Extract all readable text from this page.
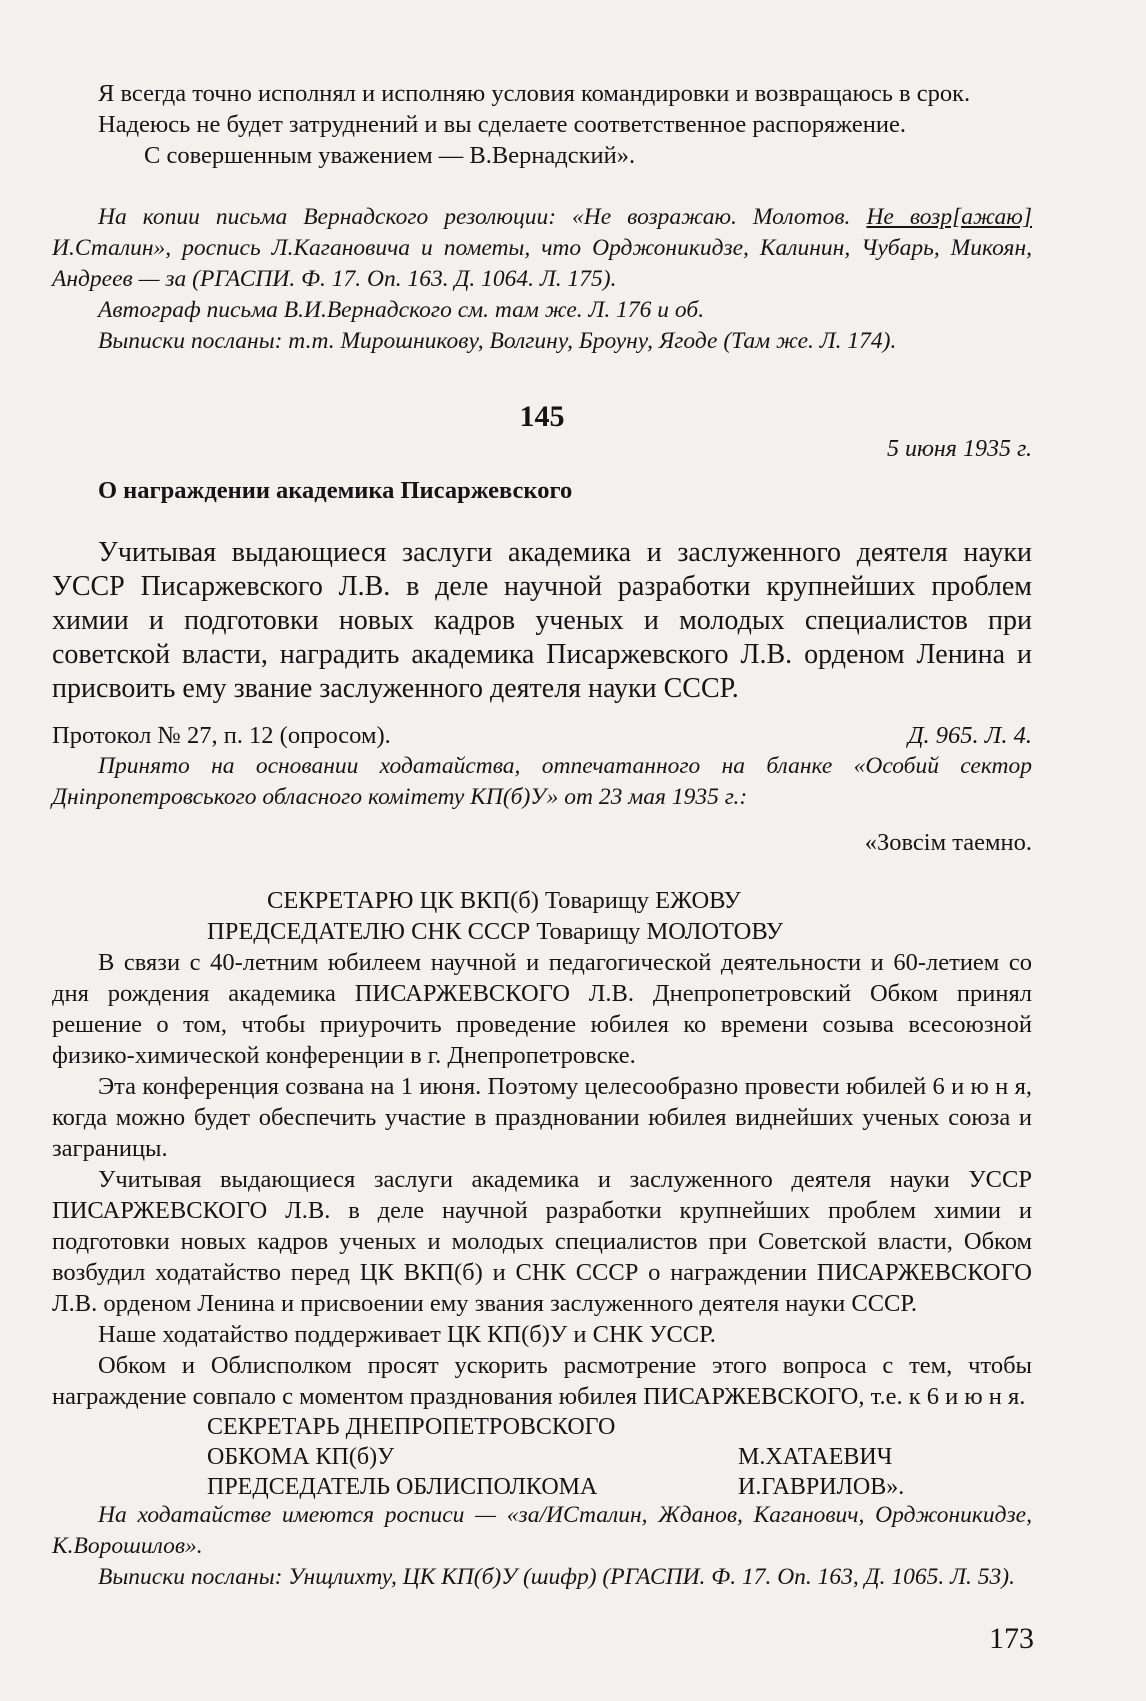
Я всегда точно исполнял и исполняю условия командировки и возвращаюсь в срок.

Надеюсь не будет затруднений и вы сделаете соответственное распоряжение.

С совершенным уважением — В.Вернадский».

На копии письма Вернадского резолюции: «Не возражаю. Молотов. Не возр[ажаю] И.Сталин», роспись Л.Кагановича и пометы, что Орджоникидзе, Калинин, Чубарь, Микоян, Андреев — за (РГАСПИ. Ф. 17. Оп. 163. Д. 1064. Л. 175).

Автограф письма В.И.Вернадского см. там же. Л. 176 и об.

Выписки посланы: т.т. Мирошникову, Волгину, Броуну, Ягоде (Там же. Л. 174).

145

5 июня 1935 г.

О награждении академика Писаржевского

Учитывая выдающиеся заслуги академика и заслуженного деятеля науки УССР Писаржевского Л.В. в деле научной разработки крупнейших проблем химии и подготовки новых кадров ученых и молодых специалистов при советской власти, наградить академика Писаржевского Л.В. орденом Ленина и присвоить ему звание заслуженного деятеля науки СССР.

Протокол № 27, п. 12 (опросом).	Д. 965. Л. 4.

Принято на основании ходатайства, отпечатанного на бланке «Особий сектор Дніпропетровського обласного комітету КП(б)У» от 23 мая 1935 г.:

«Зовсім таемно.

СЕКРЕТАРЮ ЦК ВКП(б) Товарищу ЕЖОВУ

ПРЕДСЕДАТЕЛЮ СНК СССР Товарищу МОЛОТОВУ

В связи с 40-летним юбилеем научной и педагогической деятельности и 60-летием со дня рождения академика ПИСАРЖЕВСКОГО Л.В. Днепропетровский Обком принял решение о том, чтобы приурочить проведение юбилея ко времени созыва всесоюзной физико-химической конференции в г. Днепропетровске.

Эта конференция созвана на 1 июня. Поэтому целесообразно провести юбилей 6 и ю н я, когда можно будет обеспечить участие в праздновании юбилея виднейших ученых союза и заграницы.

Учитывая выдающиеся заслуги академика и заслуженного деятеля науки УССР ПИСАРЖЕВСКОГО Л.В. в деле научной разработки крупнейших проблем химии и подготовки новых кадров ученых и молодых специалистов при Советской власти, Обком возбудил ходатайство перед ЦК ВКП(б) и СНК СССР о награждении ПИСАРЖЕВСКОГО Л.В. орденом Ленина и присвоении ему звания заслуженного деятеля науки СССР.

Наше ходатайство поддерживает ЦК КП(б)У и СНК УССР.

Обком и Облисполком просят ускорить расмотрение этого вопроса с тем, чтобы награждение совпало с моментом празднования юбилея ПИСАРЖЕВСКОГО, т.е. к 6 и ю н я.

СЕКРЕТАРЬ ДНЕПРОПЕТРОВСКОГО
ОБКОМА КП(б)У	М.ХАТАЕВИЧ
ПРЕДСЕДАТЕЛЬ ОБЛИСПОЛКОМА	И.ГАВРИЛОВ».

На ходатайстве имеются росписи — «за/ИСталин, Жданов, Каганович, Орджоникидзе, К.Ворошилов».

Выписки посланы: Унщлихту, ЦК КП(б)У (шифр) (РГАСПИ. Ф. 17. Оп. 163, Д. 1065. Л. 53).

173
